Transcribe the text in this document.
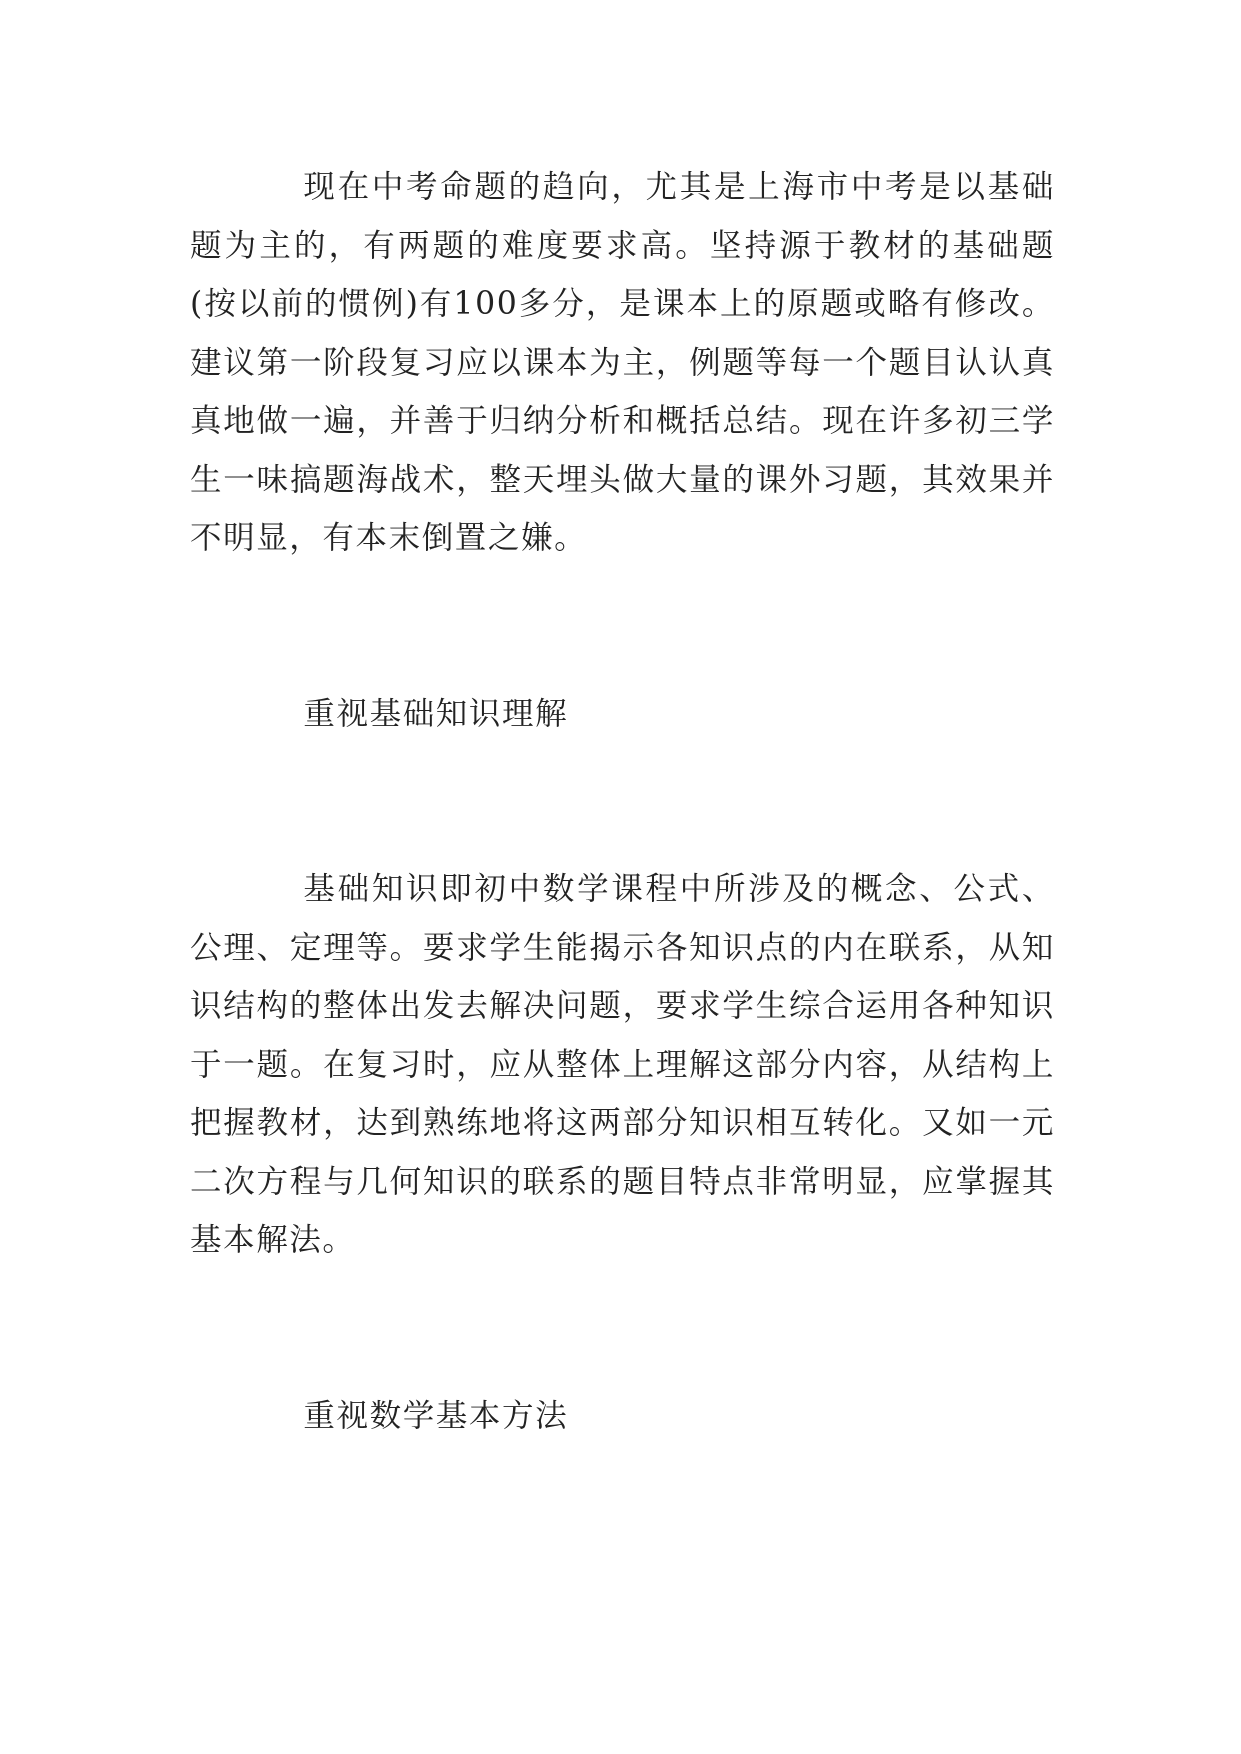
现在中考命题的趋向，尤其是上海市中考是以基础题为主的，有两题的难度要求高。坚持源于教材的基础题(按以前的惯例)有100多分，是课本上的原题或略有修改。建议第一阶段复习应以课本为主，例题等每一个题目认认真真地做一遍，并善于归纳分析和概括总结。现在许多初三学生一味搞题海战术，整天埋头做大量的课外习题，其效果并不明显，有本末倒置之嫌。

重视基础知识理解

基础知识即初中数学课程中所涉及的概念、公式、公理、定理等。要求学生能揭示各知识点的内在联系，从知识结构的整体出发去解决问题，要求学生综合运用各种知识于一题。在复习时，应从整体上理解这部分内容，从结构上把握教材，达到熟练地将这两部分知识相互转化。又如一元二次方程与几何知识的联系的题目特点非常明显，应掌握其基本解法。

重视数学基本方法
